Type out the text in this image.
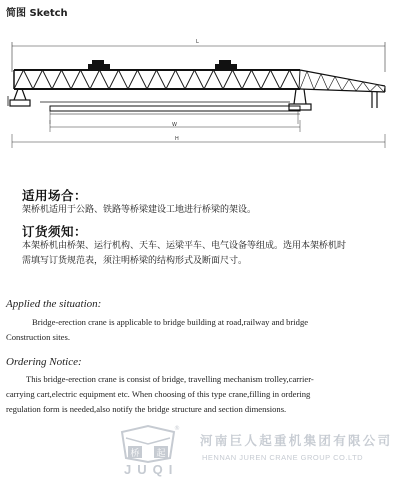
简图 Sketch
L
W
H
适用场合：
架桥机适用于公路、铁路等桥梁建设工地进行桥梁的架设。
订货须知：
本架桥机由桥架、运行机构、天车、运梁平车、电气设备等组成。选用本架桥机时
需填写订货规范表，须注明桥梁的结构形式及断面尺寸。
Applied the situation:
Bridge-erection crane is applicable to bridge building at road,railway and bridge
Construction sites.
Ordering Notice:
This bridge-erection crane is consist of bridge, travelling mechanism trolley,carrier-
carrying cart,electric equipment etc. When choosing of this type crane,filling in ordering
regulation form is needed,also notify the bridge structure and section dimensions.
桥 起
®
JUQI
河南巨人起重机集团有限公司
HENNAN JUREN CRANE GROUP CO.LTD
